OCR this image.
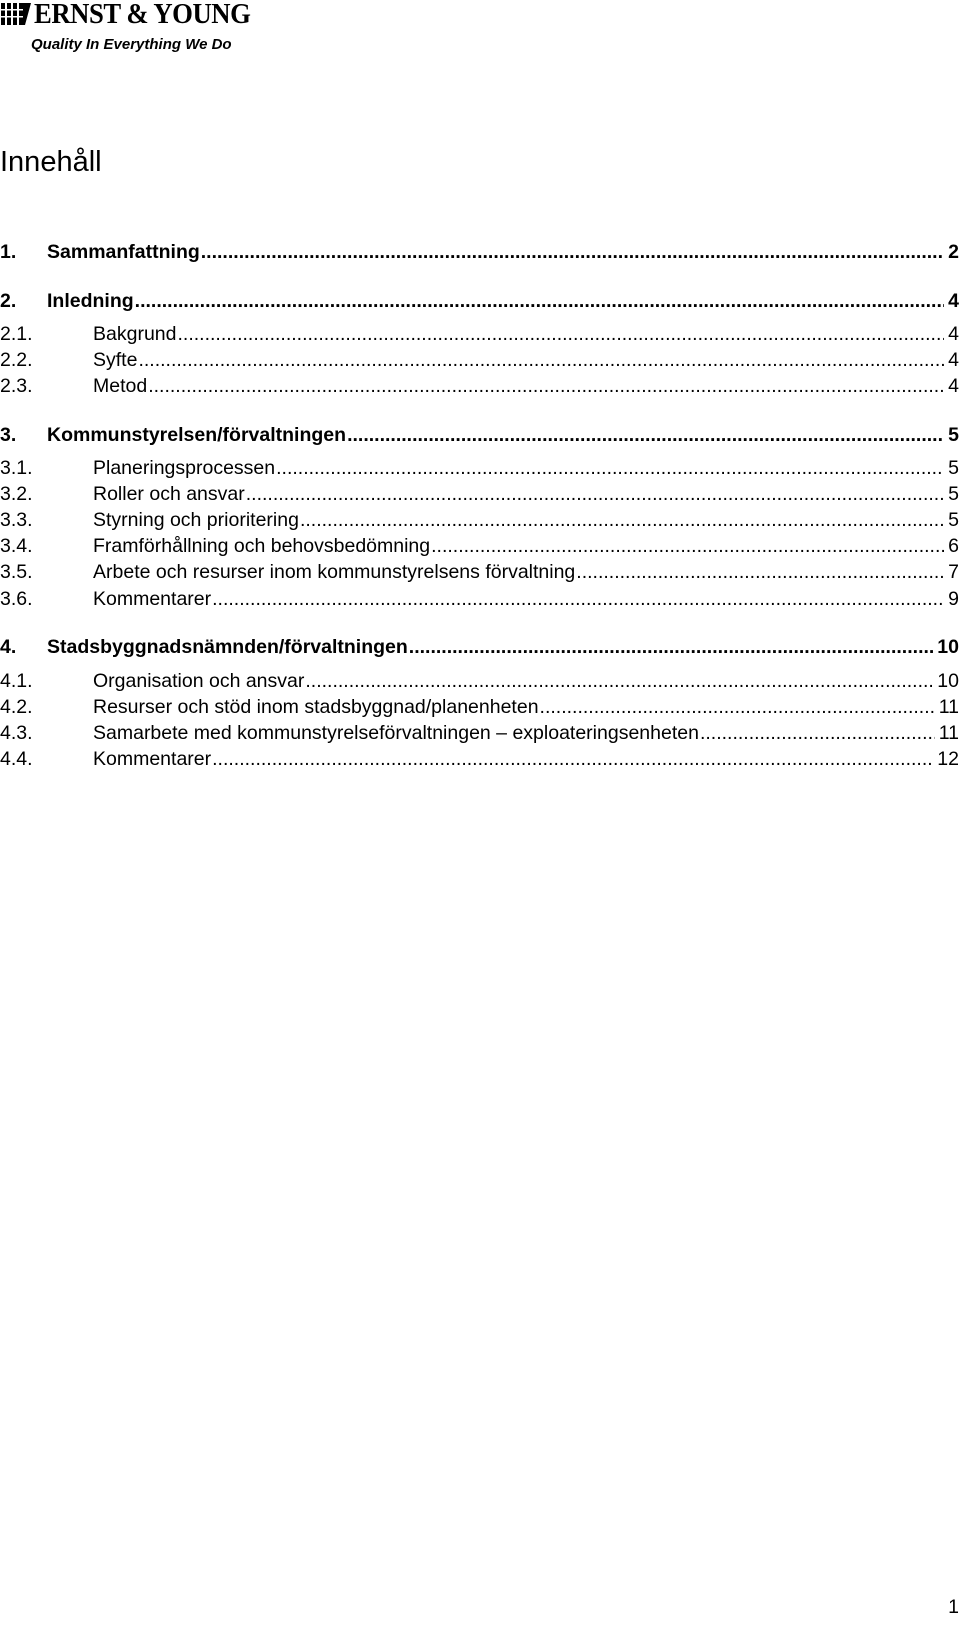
ERNST & YOUNG
Quality In Everything We Do
Innehåll
1. Sammanfattning .....	2
2. Inledning .....	4
2.1.	Bakgrund .....	4
2.2.	Syfte .....	4
2.3.	Metod .....	4
3. Kommunstyrelsen/förvaltningen .....	5
3.1.	Planeringsprocessen .....	5
3.2.	Roller och ansvar .....	5
3.3.	Styrning och prioritering .....	5
3.4.	Framförhållning och behovsbedömning .....	6
3.5.	Arbete och resurser inom kommunstyrelsens förvaltning .....	7
3.6.	Kommentarer .....	9
4. Stadsbyggnadsnämnden/förvaltningen .....	10
4.1.	Organisation och ansvar .....	10
4.2.	Resurser och stöd inom stadsbyggnad/planenheten .....	11
4.3.	Samarbete med kommunstyrelseförvaltningen – exploateringsenheten .....	11
4.4.	Kommentarer .....	12
1
